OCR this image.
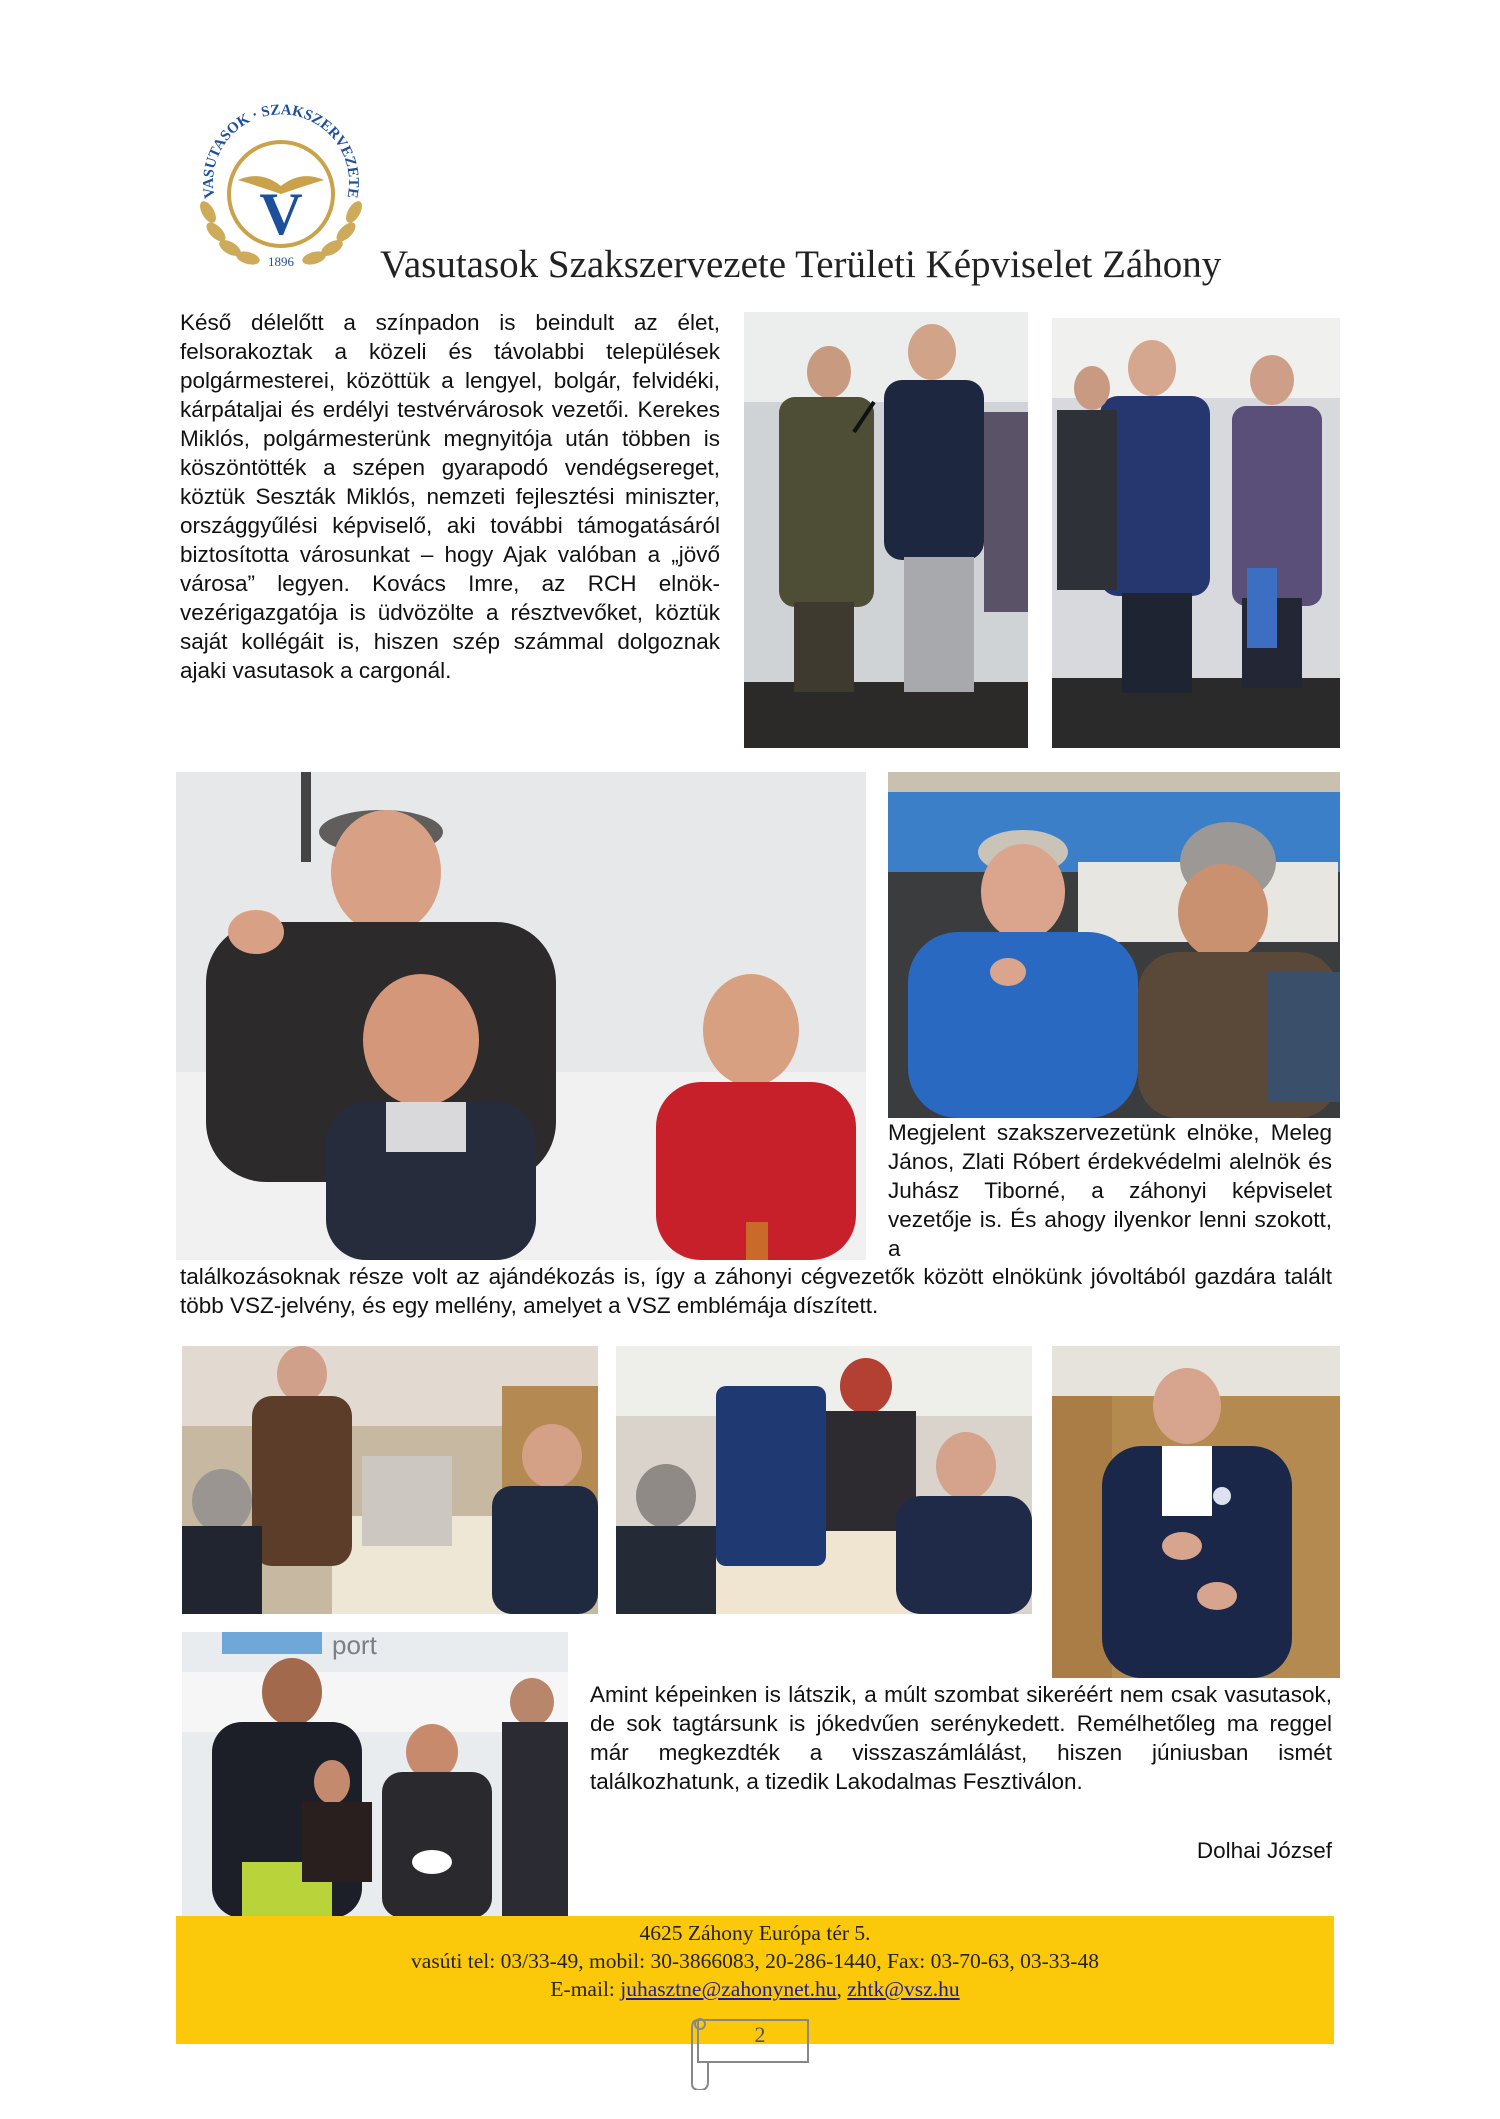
VASUTASOK · SZAKSZERVEZETE
V
1896 Vasutasok Szakszervezete Területi Képviselet Záhony
Késő délelőtt a színpadon is beindult az élet, felsorakoztak a közeli és távolabbi települések polgármesterei, közöttük a lengyel, bolgár, felvidéki, kárpátaljai és erdélyi testvérvárosok vezetői. Kerekes Miklós, polgármesterünk megnyitója után többen is köszöntötték a szépen gyarapodó vendégsereget, köztük Seszták Miklós, nemzeti fejlesztési miniszter, országgyűlési képviselő, aki további támogatásáról biztosította városunkat – hogy Ajak valóban a „jövő városa” legyen. Kovács Imre, az RCH elnök-vezérigazgatója is üdvözölte a résztvevőket, köztük saját kollégáit is, hiszen szép számmal dolgoznak ajaki vasutasok a cargonál.
Megjelent szakszervezetünk elnöke, Meleg János, Zlati Róbert érdekvédelmi alelnök és Juhász Tiborné, a záhonyi képviselet vezetője is. És ahogy ilyenkor lenni szokott, a
találkozásoknak része volt az ajándékozás is, így a záhonyi cégvezetők között elnökünk jóvoltából gazdára talált több VSZ-jelvény, és egy mellény, amelyet a VSZ emblémája díszített.
port
Amint képeinken is látszik, a múlt szombat sikeréért nem csak vasutasok, de sok tagtársunk is jókedvűen serénykedett. Remélhetőleg ma reggel már megkezdték a visszaszámlálást, hiszen júniusban ismét találkozhatunk, a tizedik Lakodalmas Fesztiválon.
Dolhai József
4625 Záhony Európa tér 5.
vasúti tel: 03/33-49, mobil: 30-3866083, 20-286-1440, Fax: 03-70-63, 03-33-48
E-mail: juhasztne@zahonynet.hu, zhtk@vsz.hu
2
